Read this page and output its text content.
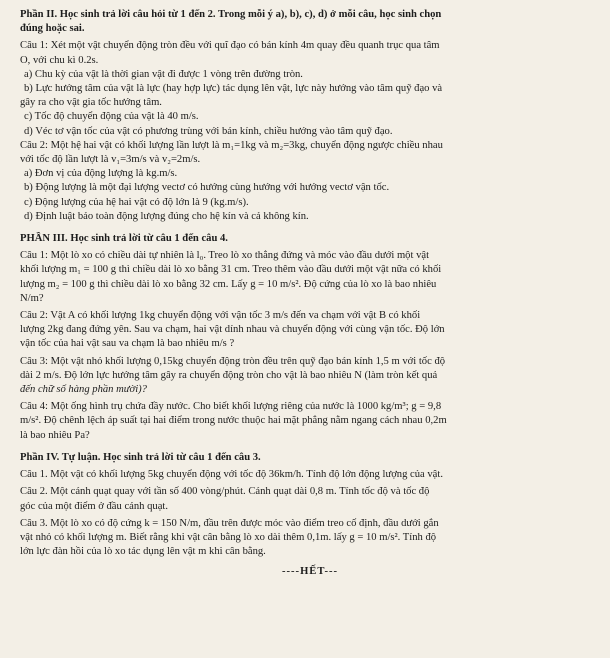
Phần II. Học sinh trả lời câu hỏi từ 1 đến 2. Trong mỗi ý a), b), c), d) ở mỗi câu, học sinh chọn
đúng hoặc sai.
Câu 1: Xét một vật chuyển động tròn đều với quĩ đạo có bán kính 4m quay đều quanh trục qua tâm
O, với chu kì 0.2s.
a) Chu kỳ của vật là thời gian vật đi được 1 vòng trên đường tròn.
b) Lực hướng tâm của vật là lực (hay hợp lực) tác dụng lên vật, lực này hướng vào tâm quỹ đạo và
gây ra cho vật gia tốc hướng tâm.
c) Tốc độ chuyển động của vật là 40 m/s.
d) Véc tơ vận tốc của vật có phương trùng với bán kính, chiều hướng vào tâm quỹ đạo.
Câu 2: Một hệ hai vật có khối lượng lần lượt là m₁=1kg và m₂=3kg, chuyển động ngược chiều nhau
với tốc độ lần lượt là v₁=3m/s và v₂=2m/s.
a) Đơn vị của động lượng là kg.m/s.
b) Động lượng là một đại lượng vectơ có hướng cùng hướng với hướng vectơ vận tốc.
c) Động lượng của hệ hai vật có độ lớn là 9 (kg.m/s).
d) Định luật bảo toàn động lượng đúng cho hệ kín và cả không kín.
PHẦN III. Học sinh trả lời từ câu 1 đến câu 4.
Câu 1: Một lò xo có chiều dài tự nhiên là l₀. Treo lò xo thẳng đứng và móc vào đầu dưới một vật
khối lượng m₁ = 100 g thì chiều dài lò xo bằng 31 cm. Treo thêm vào đầu dưới một vật nữa có khối
lượng m₂ = 100 g thì chiều dài lò xo bằng 32 cm. Lấy g = 10 m/s². Độ cứng của lò xo là bao nhiêu
N/m?
Câu 2: Vật A có khối lượng 1kg chuyển động với vận tốc 3 m/s đến va chạm với vật B có khối
lượng 2kg đang đứng yên. Sau va chạm, hai vật dính nhau và chuyển động với cùng vận tốc. Độ lớn
vận tốc của hai vật sau va chạm là bao nhiêu m/s ?
Câu 3: Một vật nhỏ khối lượng 0,15kg chuyển động tròn đều trên quỹ đạo bán kính 1,5 m với tốc độ
dài 2 m/s. Độ lớn lực hướng tâm gây ra chuyển động tròn cho vật là bao nhiêu N (làm tròn kết quả
đến chữ số hàng phần mười)?
Câu 4: Một ống hình trụ chứa đầy nước. Cho biết khối lượng riêng của nước là 1000 kg/m³; g = 9,8
m/s². Độ chênh lệch áp suất tại hai điểm trong nước thuộc hai mặt phẳng nằm ngang cách nhau 0,2m
là bao nhiêu Pa?
Phần IV. Tự luận. Học sinh trả lời từ câu 1 đến câu 3.
Câu 1. Một vật có khối lượng 5kg chuyển động với tốc độ 36km/h. Tính độ lớn động lượng của vật.
Câu 2. Một cánh quạt quay với tần số 400 vòng/phút. Cánh quạt dài 0,8 m. Tính tốc độ và tốc độ
góc của một điểm ở đầu cánh quạt.
Câu 3. Một lò xo có độ cứng k = 150 N/m, đầu trên được móc vào điểm treo cố định, đầu dưới gắn
vật nhỏ có khối lượng m. Biết rằng khi vật cân bằng lò xo dài thêm 0,1m. lấy g = 10 m/s². Tính độ
lớn lực đàn hồi của lò xo tác dụng lên vật m khi cân bằng.
----HẾT---
